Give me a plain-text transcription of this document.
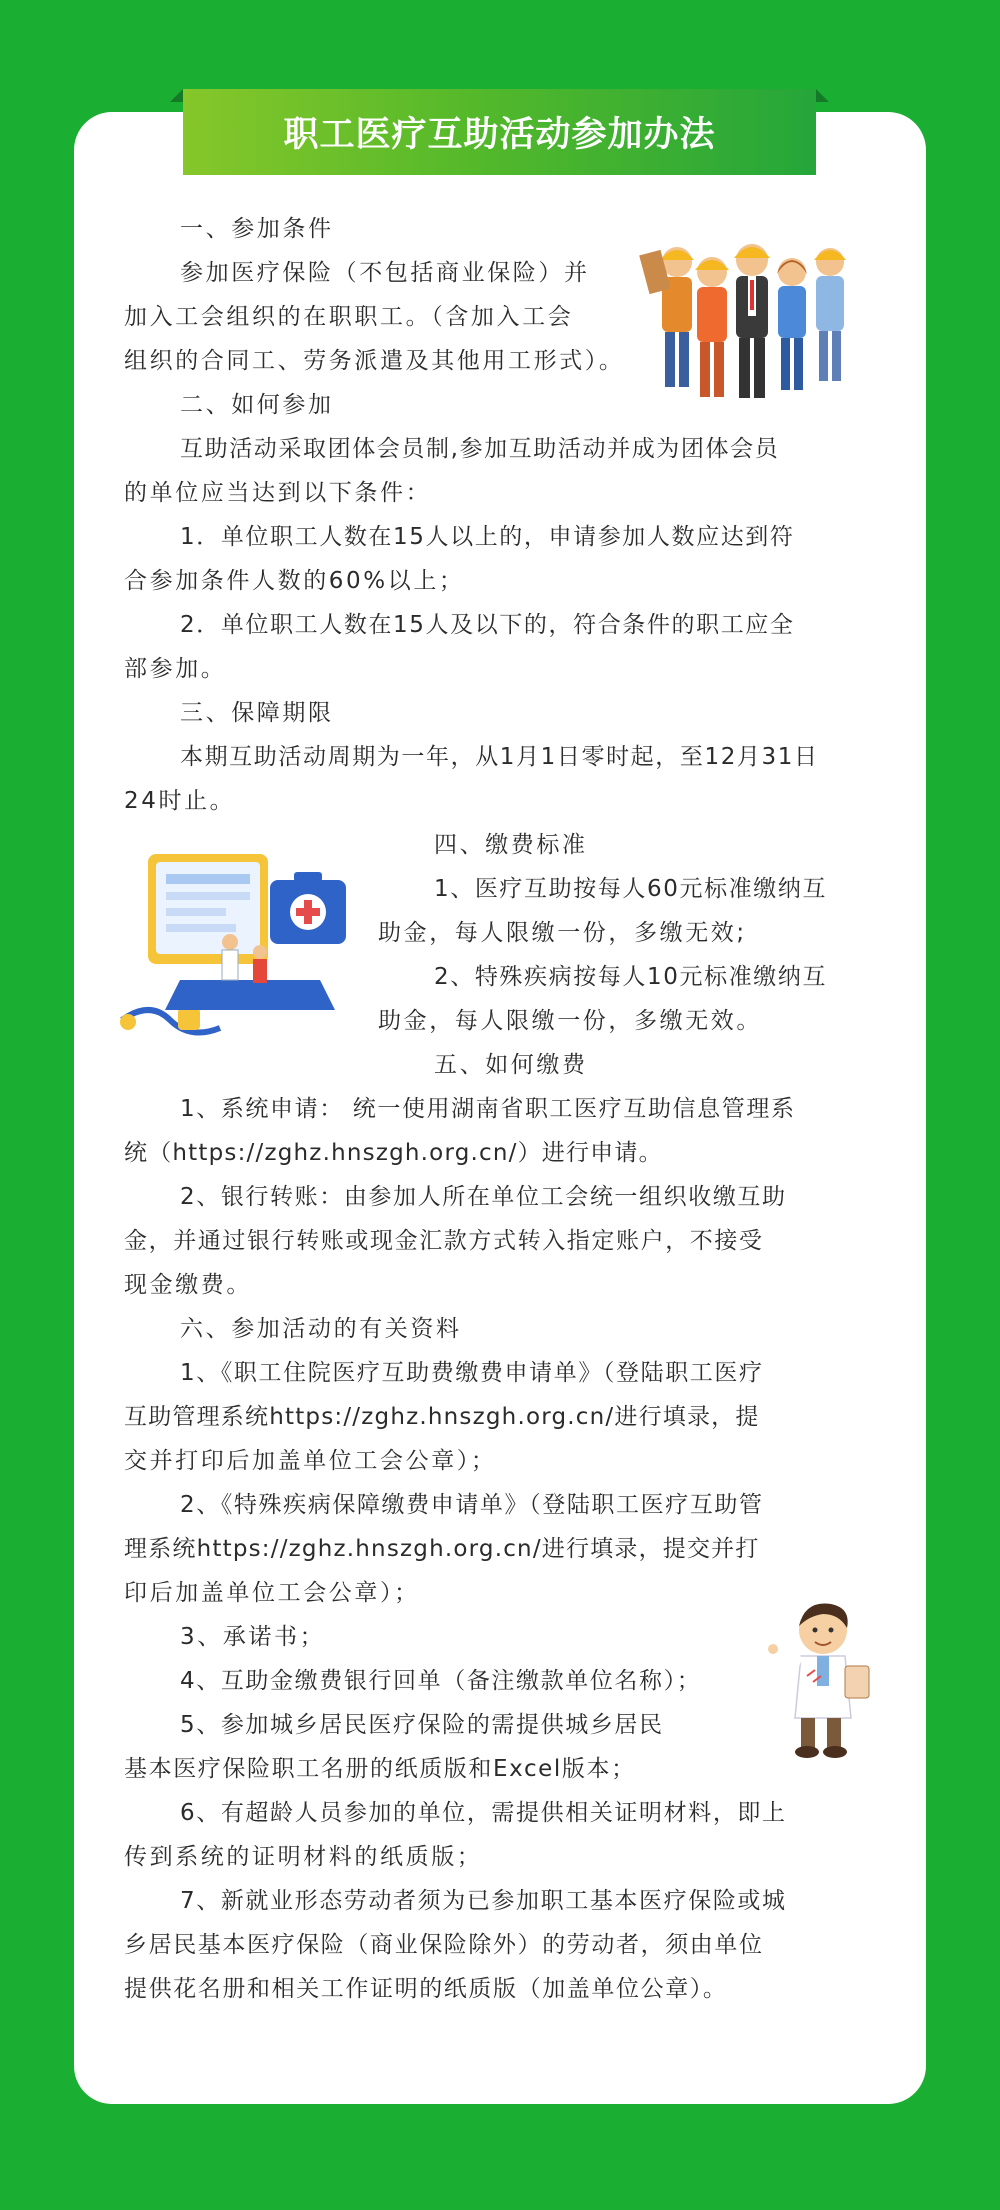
职工医疗互助活动参加办法

一、参加条件

参加医疗保险（不包括商业保险）并

加入工会组织的在职职工。（含加入工会

组织的合同工、劳务派遣及其他用工形式）。

二、如何参加

互助活动采取团体会员制,参加互助活动并成为团体会员

的单位应当达到以下条件：

1．单位职工人数在15人以上的，申请参加人数应达到符

合参加条件人数的60%以上；

2．单位职工人数在15人及以下的，符合条件的职工应全

部参加。

三、保障期限

本期互助活动周期为一年，从1月1日零时起，至12月31日

24时止。

四、缴费标准

1、医疗互助按每人60元标准缴纳互

助金，每人限缴一份，多缴无效;

2、特殊疾病按每人10元标准缴纳互

助金，每人限缴一份，多缴无效。

五、如何缴费

1、系统申请： 统一使用湖南省职工医疗互助信息管理系

统（https://zghz.hnszgh.org.cn/）进行申请。

2、银行转账：由参加人所在单位工会统一组织收缴互助

金，并通过银行转账或现金汇款方式转入指定账户，不接受

现金缴费。

六、参加活动的有关资料

1、《职工住院医疗互助费缴费申请单》（登陆职工医疗

互助管理系统https://zghz.hnszgh.org.cn/进行填录，提

交并打印后加盖单位工会公章）；

2、《特殊疾病保障缴费申请单》（登陆职工医疗互助管

理系统https://zghz.hnszgh.org.cn/进行填录，提交并打

印后加盖单位工会公章）；

3、承诺书；

4、互助金缴费银行回单（备注缴款单位名称）；

5、参加城乡居民医疗保险的需提供城乡居民

基本医疗保险职工名册的纸质版和Excel版本；

6、有超龄人员参加的单位，需提供相关证明材料，即上

传到系统的证明材料的纸质版；

7、新就业形态劳动者须为已参加职工基本医疗保险或城

乡居民基本医疗保险（商业保险除外）的劳动者，须由单位

提供花名册和相关工作证明的纸质版（加盖单位公章）。
